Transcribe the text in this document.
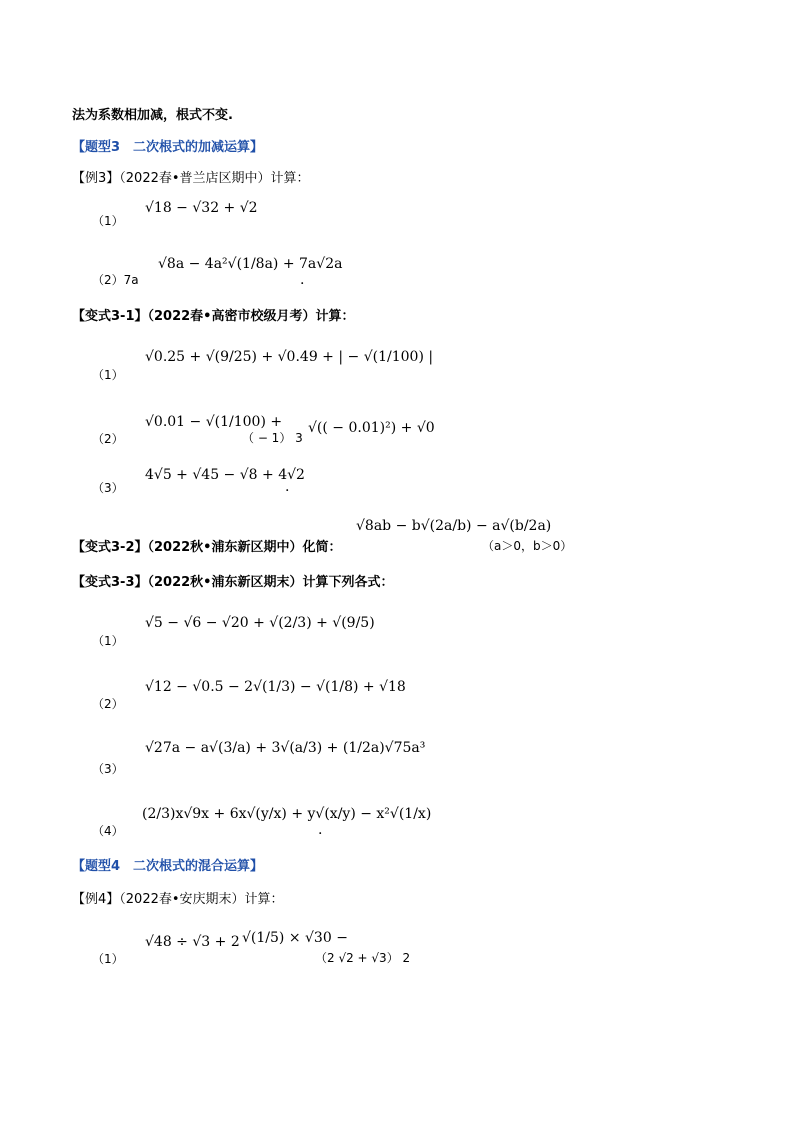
法为系数相加减，根式不变.
【题型3　二次根式的加减运算】
【例3】（2022春•普兰店区期中）计算：
（1）
√18 − √32 + √2
（2）7a
√8a − 4a²√(1/8a) + 7a√2a
.
【变式3-1】（2022春•高密市校级月考）计算：
（1）
√0.25 + √(9/25) + √0.49 + | − √(1/100) |
（2）
√0.01 − √(1/100) +
（ − 1） 3
√(( − 0.01)²) + √0
（3）
4√5 + √45 − √8 + 4√2
.
【变式3-2】（2022秋•浦东新区期中）化简：
√8ab − b√(2a/b) − a√(b/2a)
（a＞0，b＞0）
【变式3-3】（2022秋•浦东新区期末）计算下列各式：
（1）
√5 − √6 − √20 + √(2/3) + √(9/5)
（2）
√12 − √0.5 − 2√(1/3) − √(1/8) + √18
（3）
√27a − a√(3/a) + 3√(a/3) + (1/2a)√75a³
（4）
(2/3)x√9x + 6x√(y/x) + y√(x/y) − x²√(1/x)
.
【题型4　二次根式的混合运算】
【例4】（2022春•安庆期末）计算：
（1）
√48 ÷ √3 + 2 √(1/5) × √30 −
（2 √2 + √3） 2
